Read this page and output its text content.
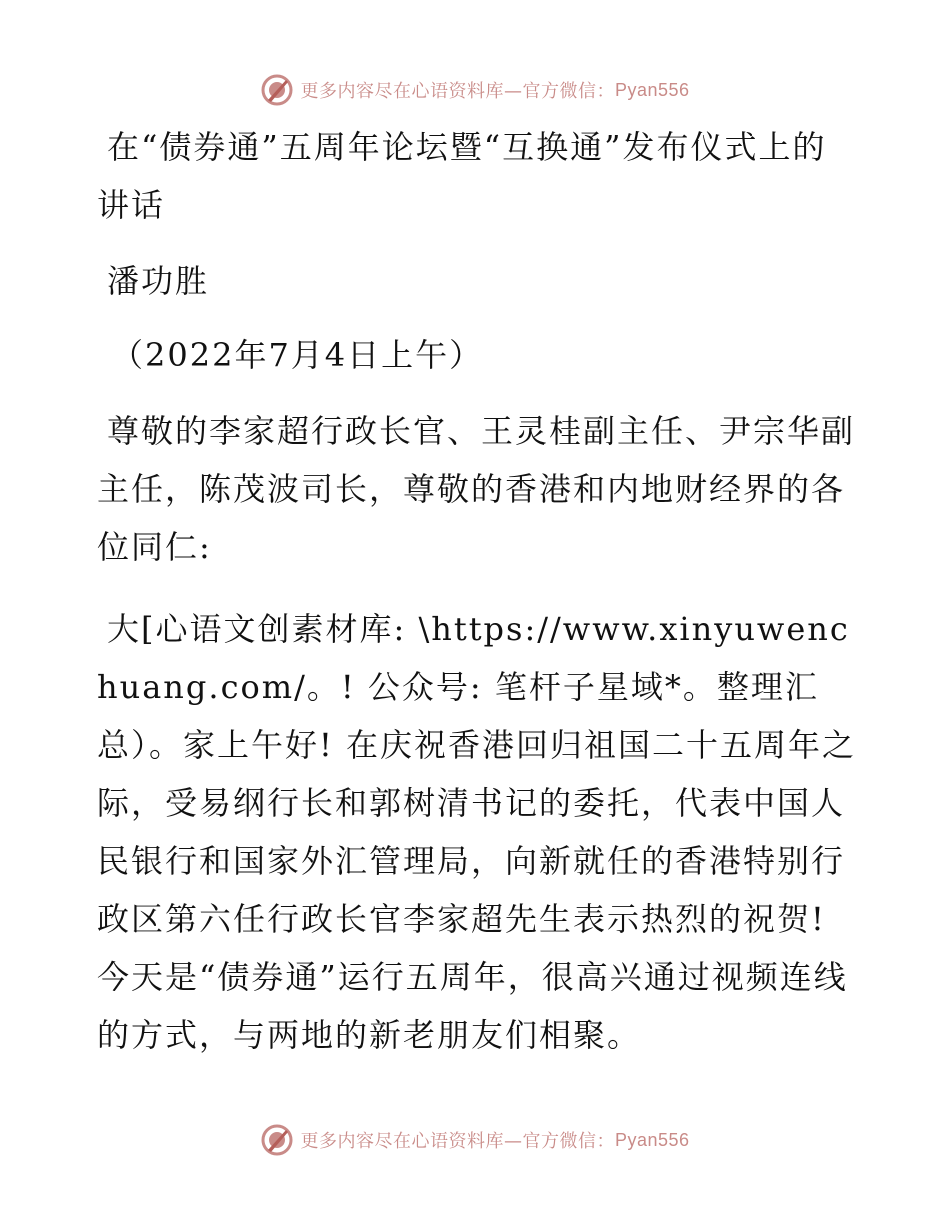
更多内容尽在心语资料库—官方微信： Pyan556

在“债券通”五周年论坛暨“互换通”发布仪式上的讲话

潘功胜

（2022年7月4日上午）

尊敬的李家超行政长官、王灵桂副主任、尹宗华副主任，陈茂波司长，尊敬的香港和内地财经界的各位同仁:

大[心语文创素材库: \https://www.xinyuwenchuang.com/。! 公众号: 笔杆子星域*。整理汇总）。家上午好! 在庆祝香港回归祖国二十五周年之际，受易纲行长和郭树清书记的委托，代表中国人民银行和国家外汇管理局，向新就任的香港特别行政区第六任行政长官李家超先生表示热烈的祝贺! 今天是“债券通”运行五周年，很高兴通过视频连线的方式，与两地的新老朋友们相聚。

更多内容尽在心语资料库—官方微信： Pyan556
